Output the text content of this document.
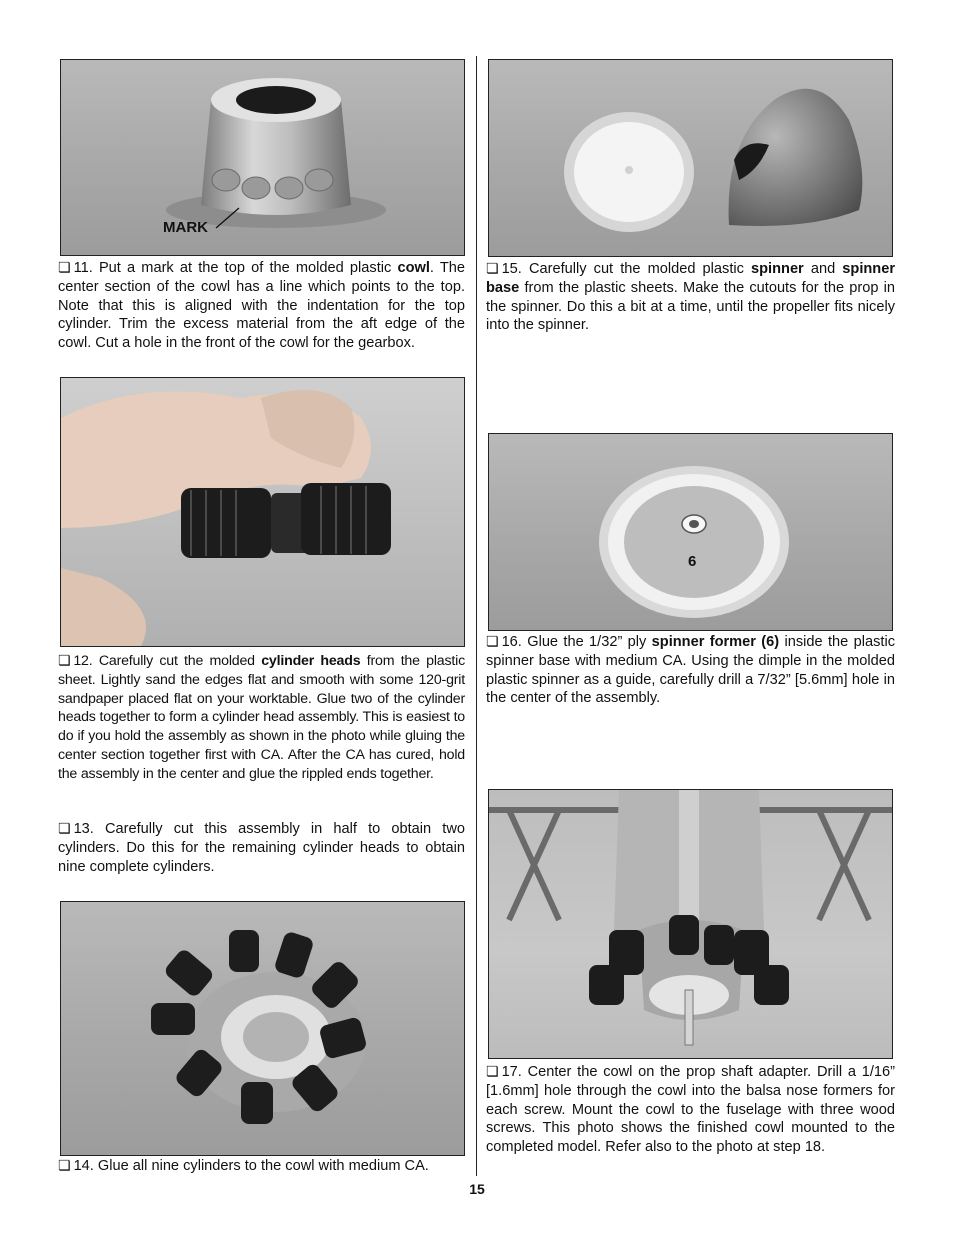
MARK

❏ 11. Put a mark at the top of the molded plastic cowl. The center section of the cowl has a line which points to the top. Note that this is aligned with the indentation for the top cylinder. Trim the excess material from the aft edge of the cowl. Cut a hole in the front of the cowl for the gearbox.

❏ 12. Carefully cut the molded cylinder heads from the plastic sheet. Lightly sand the edges flat and smooth with some 120-grit sandpaper placed flat on your worktable. Glue two of the cylinder heads together to form a cylinder head assembly. This is easiest to do if you hold the assembly as shown in the photo while gluing the center section together first with CA. After the CA has cured, hold the assembly in the center and glue the rippled ends together.

❏ 13. Carefully cut this assembly in half to obtain two cylinders. Do this for the remaining cylinder heads to obtain nine complete cylinders.

❏ 14. Glue all nine cylinders to the cowl with medium CA.

❏ 15. Carefully cut the molded plastic spinner and spinner base from the plastic sheets. Make the cutouts for the prop in the spinner. Do this a bit at a time, until the propeller fits nicely into the spinner.

6

❏ 16. Glue the 1/32” ply spinner former (6) inside the plastic spinner base with medium CA. Using the dimple in the molded plastic spinner as a guide, carefully drill a 7/32” [5.6mm] hole in the center of the assembly.

❏ 17. Center the cowl on the prop shaft adapter. Drill a 1/16” [1.6mm] hole through the cowl into the balsa nose formers for each screw. Mount the cowl to the fuselage with three wood screws. This photo shows the finished cowl mounted to the completed model. Refer also to the photo at step 18.

15
